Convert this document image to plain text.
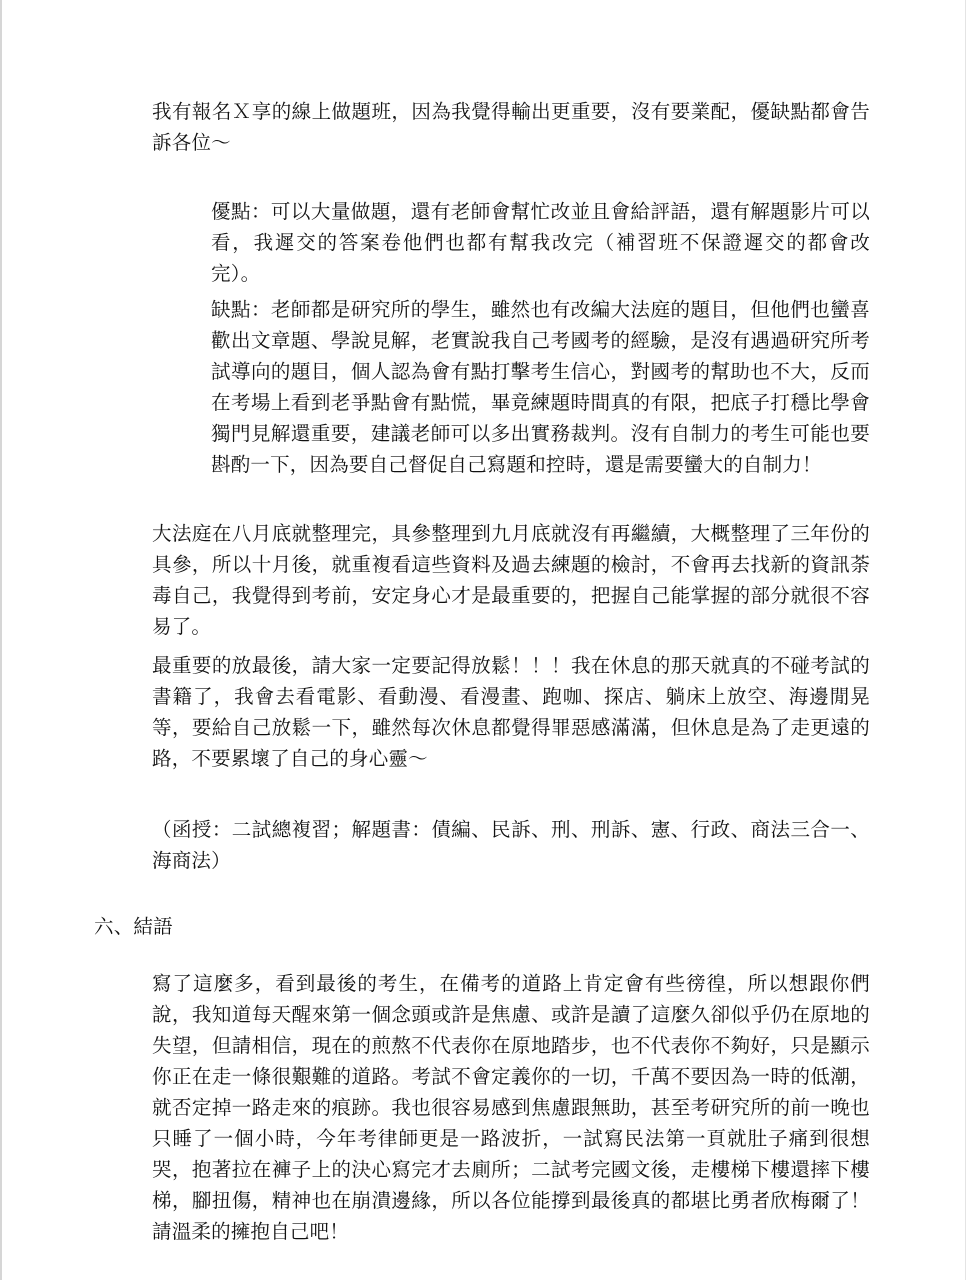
我有報名Ｘ享的線上做題班，因為我覺得輸出更重要，沒有要業配，優缺點都會告訴各位～

優點：可以大量做題，還有老師會幫忙改並且會給評語，還有解題影片可以看，我遲交的答案卷他們也都有幫我改完（補習班不保證遲交的都會改完）。

缺點：老師都是研究所的學生，雖然也有改編大法庭的題目，但他們也蠻喜歡出文章題、學說見解，老實說我自己考國考的經驗，是沒有遇過研究所考試導向的題目，個人認為會有點打擊考生信心，對國考的幫助也不大，反而在考場上看到老爭點會有點慌，畢竟練題時間真的有限，把底子打穩比學會獨門見解還重要，建議老師可以多出實務裁判。沒有自制力的考生可能也要斟酌一下，因為要自己督促自己寫題和控時，還是需要蠻大的自制力！

大法庭在八月底就整理完，具參整理到九月底就沒有再繼續，大概整理了三年份的具參，所以十月後，就重複看這些資料及過去練題的檢討，不會再去找新的資訊荼毒自己，我覺得到考前，安定身心才是最重要的，把握自己能掌握的部分就很不容易了。

最重要的放最後，請大家一定要記得放鬆！！！我在休息的那天就真的不碰考試的書籍了，我會去看電影、看動漫、看漫畫、跑咖、探店、躺床上放空、海邊閒晃等，要給自己放鬆一下，雖然每次休息都覺得罪惡感滿滿，但休息是為了走更遠的路，不要累壞了自己的身心靈～

（函授：二試總複習；解題書：債編、民訴、刑、刑訴、憲、行政、商法三合一、海商法）

六、結語

寫了這麼多，看到最後的考生，在備考的道路上肯定會有些徬徨，所以想跟你們說，我知道每天醒來第一個念頭或許是焦慮、或許是讀了這麼久卻似乎仍在原地的失望，但請相信，現在的煎熬不代表你在原地踏步，也不代表你不夠好，只是顯示你正在走一條很艱難的道路。考試不會定義你的一切，千萬不要因為一時的低潮，就否定掉一路走來的痕跡。我也很容易感到焦慮跟無助，甚至考研究所的前一晚也只睡了一個小時，今年考律師更是一路波折，一試寫民法第一頁就肚子痛到很想哭，抱著拉在褲子上的決心寫完才去廁所；二試考完國文後，走樓梯下樓還摔下樓梯，腳扭傷，精神也在崩潰邊緣，所以各位能撐到最後真的都堪比勇者欣梅爾了！請溫柔的擁抱自己吧！
